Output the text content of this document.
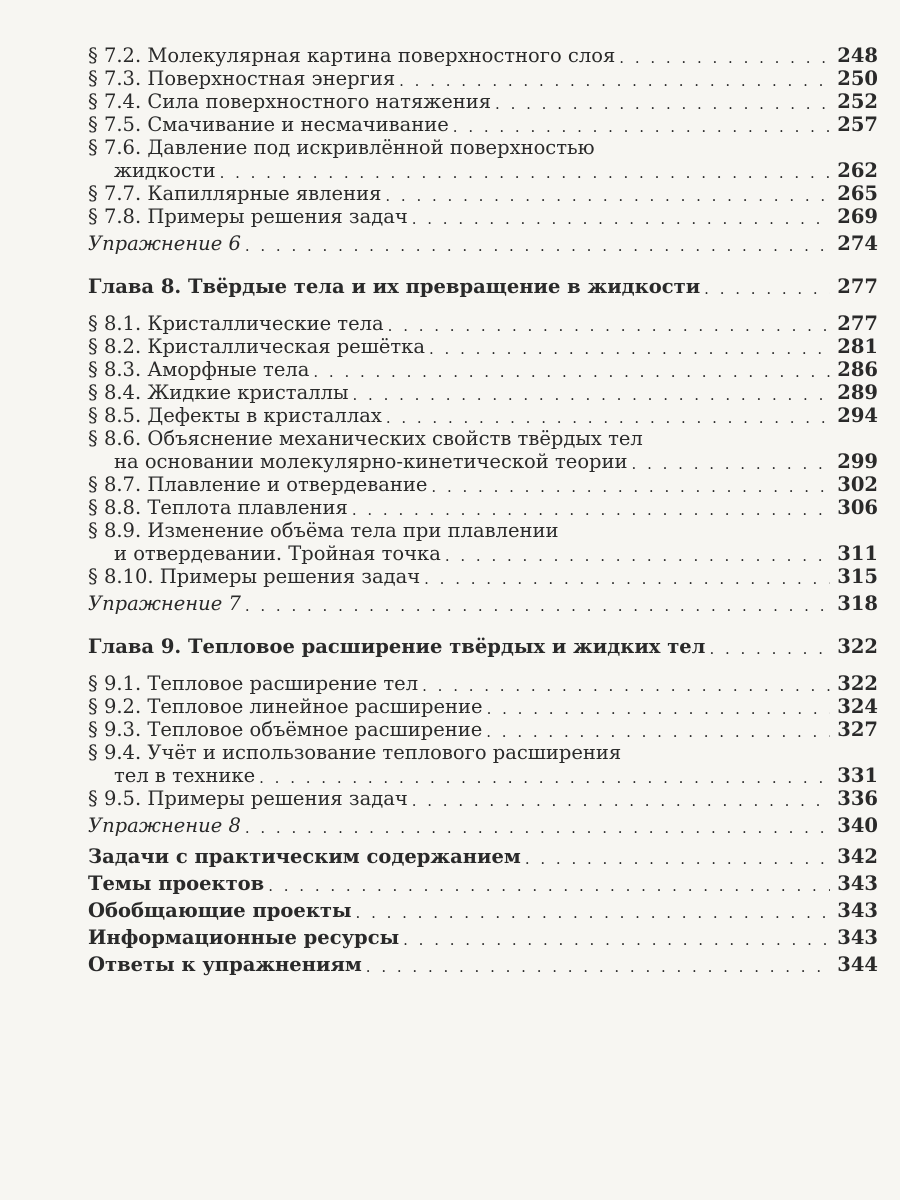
§ 7.2. Молекулярная картина поверхностного слоя . . .	248
§ 7.3. Поверхностная энергия . . .	250
§ 7.4. Сила поверхностного натяжения . . .	252
§ 7.5. Смачивание и несмачивание . . .	257
§ 7.6. Давление под искривлённой поверхностью
жидкости . . .	262
§ 7.7. Капиллярные явления . . .	265
§ 7.8. Примеры решения задач . . .	269
Упражнение 6 . . .	274
Глава 8. Твёрдые тела и их превращение в жидкости . . .	277
§ 8.1. Кристаллические тела . . .	277
§ 8.2. Кристаллическая решётка . . .	281
§ 8.3. Аморфные тела . . .	286
§ 8.4. Жидкие кристаллы . . .	289
§ 8.5. Дефекты в кристаллах . . .	294
§ 8.6. Объяснение механических свойств твёрдых тел
на основании молекулярно-кинетической теории . . .	299
§ 8.7. Плавление и отвердевание . . .	302
§ 8.8. Теплота плавления . . .	306
§ 8.9. Изменение объёма тела при плавлении
и отвердевании. Тройная точка . . .	311
§ 8.10. Примеры решения задач . . .	315
Упражнение 7 . . .	318
Глава 9. Тепловое расширение твёрдых и жидких тел . . .	322
§ 9.1. Тепловое расширение тел . . .	322
§ 9.2. Тепловое линейное расширение . . .	324
§ 9.3. Тепловое объёмное расширение . . .	327
§ 9.4. Учёт и использование теплового расширения
тел в технике . . .	331
§ 9.5. Примеры решения задач . . .	336
Упражнение 8 . . .	340
Задачи с практическим содержанием . . .	342
Темы проектов . . .	343
Обобщающие проекты . . .	343
Информационные ресурсы . . .	343
Ответы к упражнениям . . .	344
